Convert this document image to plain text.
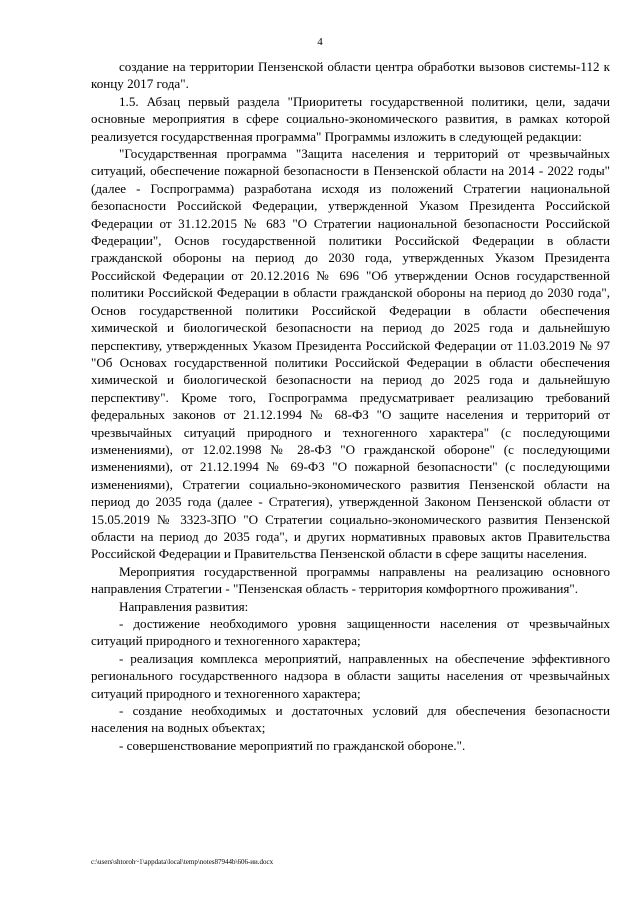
4

создание на территории Пензенской области центра обработки вызовов системы-112 к концу 2017 года".

1.5. Абзац первый раздела "Приоритеты государственной политики, цели, задачи основные мероприятия в сфере социально-экономического развития, в рамках которой реализуется государственная программа" Программы изложить в следующей редакции:

"Государственная программа "Защита населения и территорий от чрезвычайных ситуаций, обеспечение пожарной безопасности в Пензенской области на 2014 - 2022 годы" (далее - Госпрограмма) разработана исходя из положений Стратегии национальной безопасности Российской Федерации, утвержденной Указом Президента Российской Федерации от 31.12.2015 № 683 "О Стратегии национальной безопасности Российской Федерации", Основ государственной политики Российской Федерации в области гражданской обороны на период до 2030 года, утвержденных Указом Президента Российской Федерации от 20.12.2016 № 696 "Об утверждении Основ государственной политики Российской Федерации в области гражданской обороны на период до 2030 года", Основ государственной политики Российской Федерации в области обеспечения химической и биологической безопасности на период до 2025 года и дальнейшую перспективу, утвержденных Указом Президента Российской Федерации от 11.03.2019 № 97 "Об Основах государственной политики Российской Федерации в области обеспечения химической и биологической безопасности на период до 2025 года и дальнейшую перспективу". Кроме того, Госпрограмма предусматривает реализацию требований федеральных законов от 21.12.1994 № 68-ФЗ "О защите населения и территорий от чрезвычайных ситуаций природного и техногенного характера" (с последующими изменениями), от 12.02.1998 № 28-ФЗ "О гражданской обороне" (с последующими изменениями), от 21.12.1994 № 69-ФЗ "О пожарной безопасности" (с последующими изменениями), Стратегии социально-экономического развития Пензенской области на период до 2035 года (далее - Стратегия), утвержденной Законом Пензенской области от 15.05.2019 № 3323-ЗПО "О Стратегии социально-экономического развития Пензенской области на период до 2035 года", и других нормативных правовых актов Правительства Российской Федерации и Правительства Пензенской области в сфере защиты населения.

Мероприятия государственной программы направлены на реализацию основного направления Стратегии - "Пензенская область - территория комфортного проживания".

Направления развития:

- достижение необходимого уровня защищенности населения от чрезвычайных ситуаций природного и техногенного характера;

- реализация комплекса мероприятий, направленных на обеспечение эффективного регионального государственного надзора в области защиты населения от чрезвычайных ситуаций природного и техногенного характера;

- создание необходимых и достаточных условий для обеспечения безопасности населения на водных объектах;

- совершенствование мероприятий по гражданской обороне.".

c:\users\shtoroh~1\appdata\local\temp\notes87944b\606-ии.docx
